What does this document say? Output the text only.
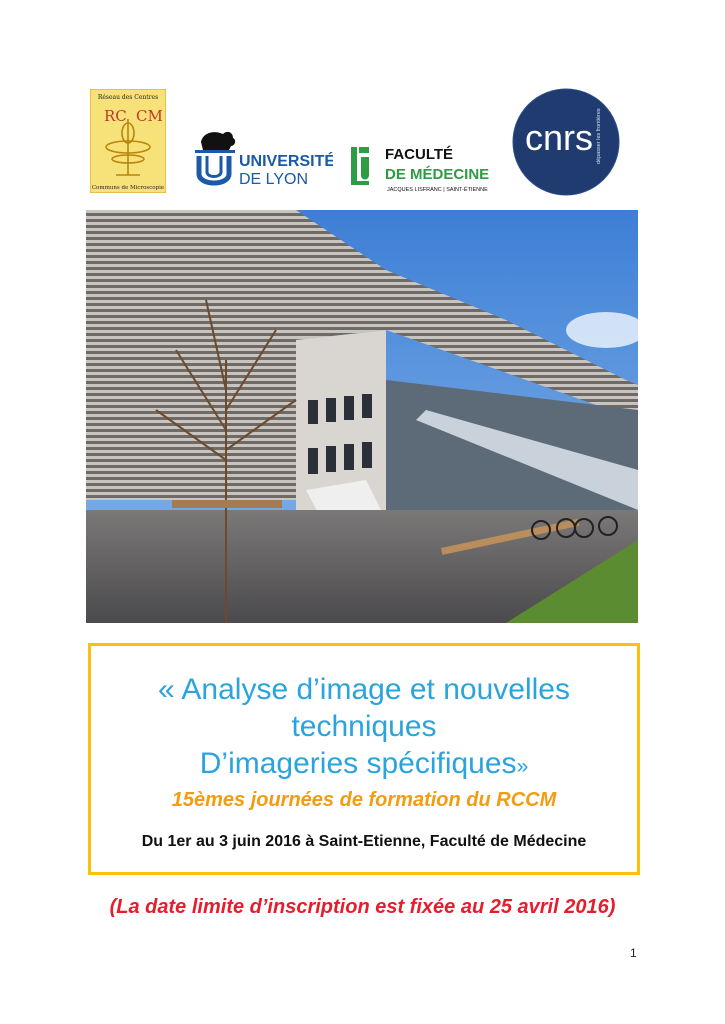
Réseau des Centres
RC CM
Communs de Microscopie
UNIVERSITÉ
DE LYON
FACULTÉ
DE MÉDECINE
JACQUES LISFRANC | SAINT-ÉTIENNE
cnrs dépasser les frontières
« Analyse d’image et nouvelles
techniques
D’imageries spécifiques»
15èmes journées de formation du RCCM
Du 1er au 3 juin 2016 à Saint-Etienne, Faculté de Médecine
(La date limite d’inscription est fixée au 25 avril 2016)
1
